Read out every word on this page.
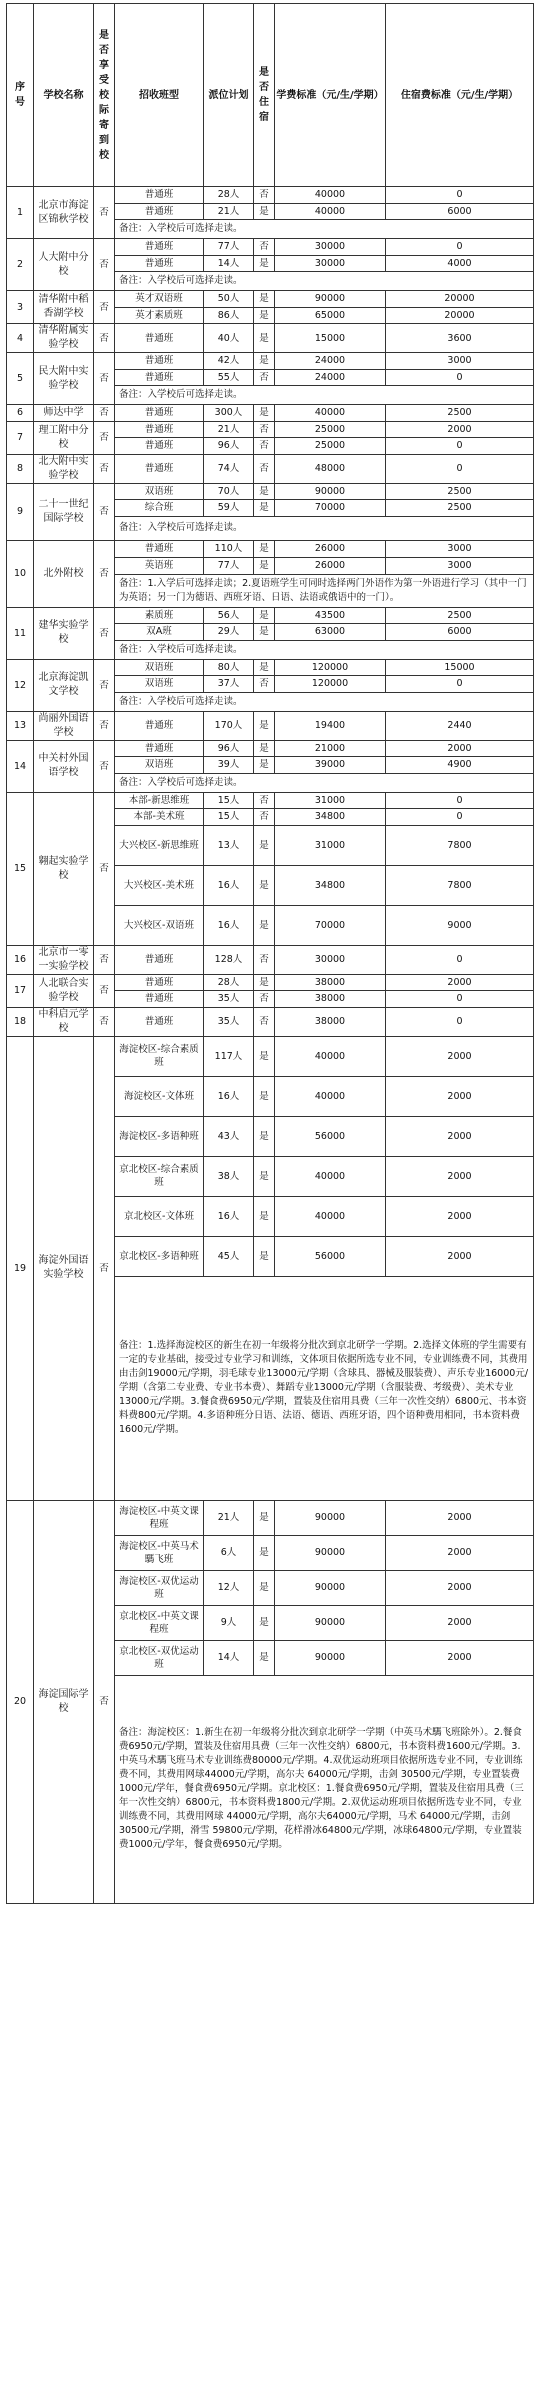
序号	学校名称	是否享受校际寄到校	招收班型	派位计划	是否住宿	学费标准（元/生/学期）	住宿费标准（元/生/学期）
1	北京市海淀区锦秋学校	否	普通班	28人	否	40000	0
			普通班	21人	是	40000	6000
			备注：入学校后可选择走读。				
2	人大附中分校	否	普通班	77人	否	30000	0
			普通班	14人	是	30000	4000
			备注：入学校后可选择走读。				
3	清华附中稻香湖学校	否	英才双语班	50人	是	90000	20000
			英才素质班	86人	是	65000	20000
4	清华附属实验学校	否	普通班	40人	是	15000	3600
5	民大附中实验学校	否	普通班	42人	是	24000	3000
			普通班	55人	否	24000	0
			备注：入学校后可选择走读。				
6	师达中学	否	普通班	300人	是	40000	2500
7	理工附中分校	否	普通班	21人	否	25000	2000
			普通班	96人	否	25000	0
8	北大附中实验学校	否	普通班	74人	否	48000	0
9	二十一世纪国际学校	否	双语班	70人	是	90000	2500
			综合班	59人	是	70000	2500
			备注：入学校后可选择走读。				
10	北外附校	否	普通班	110人	是	26000	3000
			英语班	77人	是	26000	3000
			备注：1.入学后可选择走读；2.夏语班学生可同时选择两门外语作为第一外语进行学习（其中一门为英语；另一门为德语、西班牙语、日语、法语或俄语中的一门）。				
11	建华实验学校	否	素质班	56人	是	43500	2500
			双A班	29人	是	63000	6000
			备注：入学校后可选择走读。				
12	北京海淀凯文学校	否	双语班	80人	是	120000	15000
			双语班	37人	否	120000	0
			备注：入学校后可选择走读。				
13	尚丽外国语学校	否	普通班	170人	是	19400	2440
14	中关村外国语学校	否	普通班	96人	是	21000	2000
			双语班	39人	是	39000	4900
			备注：入学校后可选择走读。				
15	翱起实验学校	否	本部-新思维班	15人	否	31000	0
			本部-美术班	15人	否	34800	0
			大兴校区-新思维班	13人	是	31000	7800
			大兴校区-美术班	16人	是	34800	7800
			大兴校区-双语班	16人	是	70000	9000
16	北京市一零一实验学校	否	普通班	128人	否	30000	0
17	人北联合实验学校	否	普通班	28人	是	38000	2000
			普通班	35人	否	38000	0
18	中科启元学校	否	普通班	35人	否	38000	0
19	海淀外国语实验学校	否	海淀校区-综合素质班	117人	是	40000	2000
			海淀校区-文体班	16人	是	40000	2000
			海淀校区-多语种班	43人	是	56000	2000
			京北校区-综合素质班	38人	是	40000	2000
			京北校区-文体班	16人	是	40000	2000
			京北校区-多语种班	45人	是	56000	2000
			备注：1.选择海淀校区的新生在初一年级将分批次到京北研学一学期。2.选择文体班的学生需要有一定的专业基础，接受过专业学习和训练，文体项目依据所选专业不同，专业训练费不同，其费用由击剑19000元/学期，羽毛球专业13000元/学期（含球具、器械及服装费）、声乐专业16000元/学期（含第二专业费、专业书本费）、舞蹈专业13000元/学期（含服装费、考级费）、美术专业13000元/学期。3.餐食费6950元/学期，置装及住宿用具费（三年一次性交纳）6800元、书本资料费800元/学期。4.多语种班分日语、法语、德语、西班牙语，四个语种费用相同，书本资料费1600元/学期。				
20	海淀国际学校	否	海淀校区-中英文课程班	21人	是	90000	2000
			海淀校区-中英马术騳飞班	6人	是	90000	2000
			海淀校区-双优运动班	12人	是	90000	2000
			京北校区-中英文课程班	9人	是	90000	2000
			京北校区-双优运动班	14人	是	90000	2000
			备注：海淀校区：1.新生在初一年级将分批次到京北研学一学期（中英马术騳飞班除外）。2.餐食费6950元/学期，置装及住宿用具费（三年一次性交纳）6800元，书本资料费1600元/学期。3.中英马术騳飞班马术专业训练费80000元/学期。4.双优运动班项目依据所选专业不同，专业训练费不同，其费用网球44000元/学期，高尔夫 64000元/学期，击剑 30500元/学期，专业置装费1000元/学年，餐食费6950元/学期。京北校区：1.餐食费6950元/学期，置装及住宿用具费（三年一次性交纳）6800元，书本资料费1800元/学期。2.双优运动班项目依据所选专业不同，专业训练费不同，其费用网球 44000元/学期，高尔夫64000元/学期，马术 64000元/学期，击剑 30500元/学期，滑雪 59800元/学期，花样滑冰64800元/学期，冰球64800元/学期，专业置装费1000元/学年，餐食费6950元/学期。				
